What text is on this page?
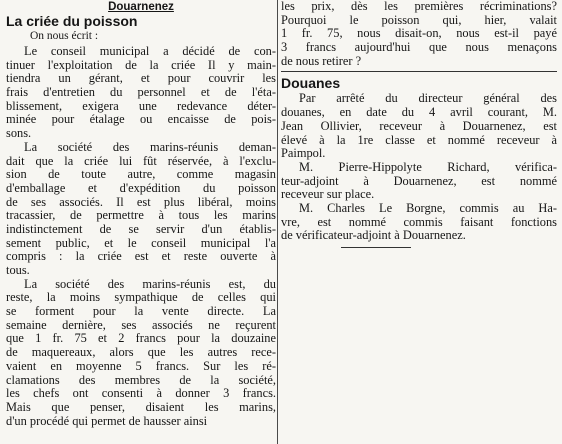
Douarnenez
La criée du poisson
On nous écrit :
Le conseil municipal a décidé de con-
tinuer l'exploitation de la criée Il y main-
tiendra un gérant, et pour couvrir les
frais d'entretien du personnel et de l'éta-
blissement, exigera une redevance déter-
minée pour étalage ou encaisse de pois-
sons.
La société des marins-réunis deman-
dait que la criée lui fût réservée, à l'exclu-
sion de toute autre, comme magasin
d'emballage et d'expédition du poisson
de ses associés. Il est plus libéral, moins
tracassier, de permettre à tous les marins
indistinctement de se servir d'un établis-
sement public, et le conseil municipal l'a
compris : la criée est et reste ouverte à
tous.
La société des marins-réunis est, du
reste, la moins sympathique de celles qui
se forment pour la vente directe. La
semaine dernière, ses associés ne reçurent
que 1 fr. 75 et 2 francs pour la douzaine
de maquereaux, alors que les autres rece-
vaient en moyenne 5 francs. Sur les ré-
clamations des membres de la société,
les chefs ont consenti à donner 3 francs.
Mais que penser, disaient les marins,
d'un procédé qui permet de hausser ainsi
les prix, dès les premières récriminations?
Pourquoi le poisson qui, hier, valait
1 fr. 75, nous disait-on, nous est-il payé
3 francs aujourd'hui que nous menaçons
de nous retirer ?
Douanes
Par arrêté du directeur général des
douanes, en date du 4 avril courant, M.
Jean Ollivier, receveur à Douarnenez, est
élevé à la 1re classe et nommé receveur à
Paimpol.
M. Pierre-Hippolyte Richard, vérifica-
teur-adjoint à Douarnenez, est nommé
receveur sur place.
M. Charles Le Borgne, commis au Ha-
vre, est nommé commis faisant fonctions
de vérificateur-adjoint à Douarnenez.
